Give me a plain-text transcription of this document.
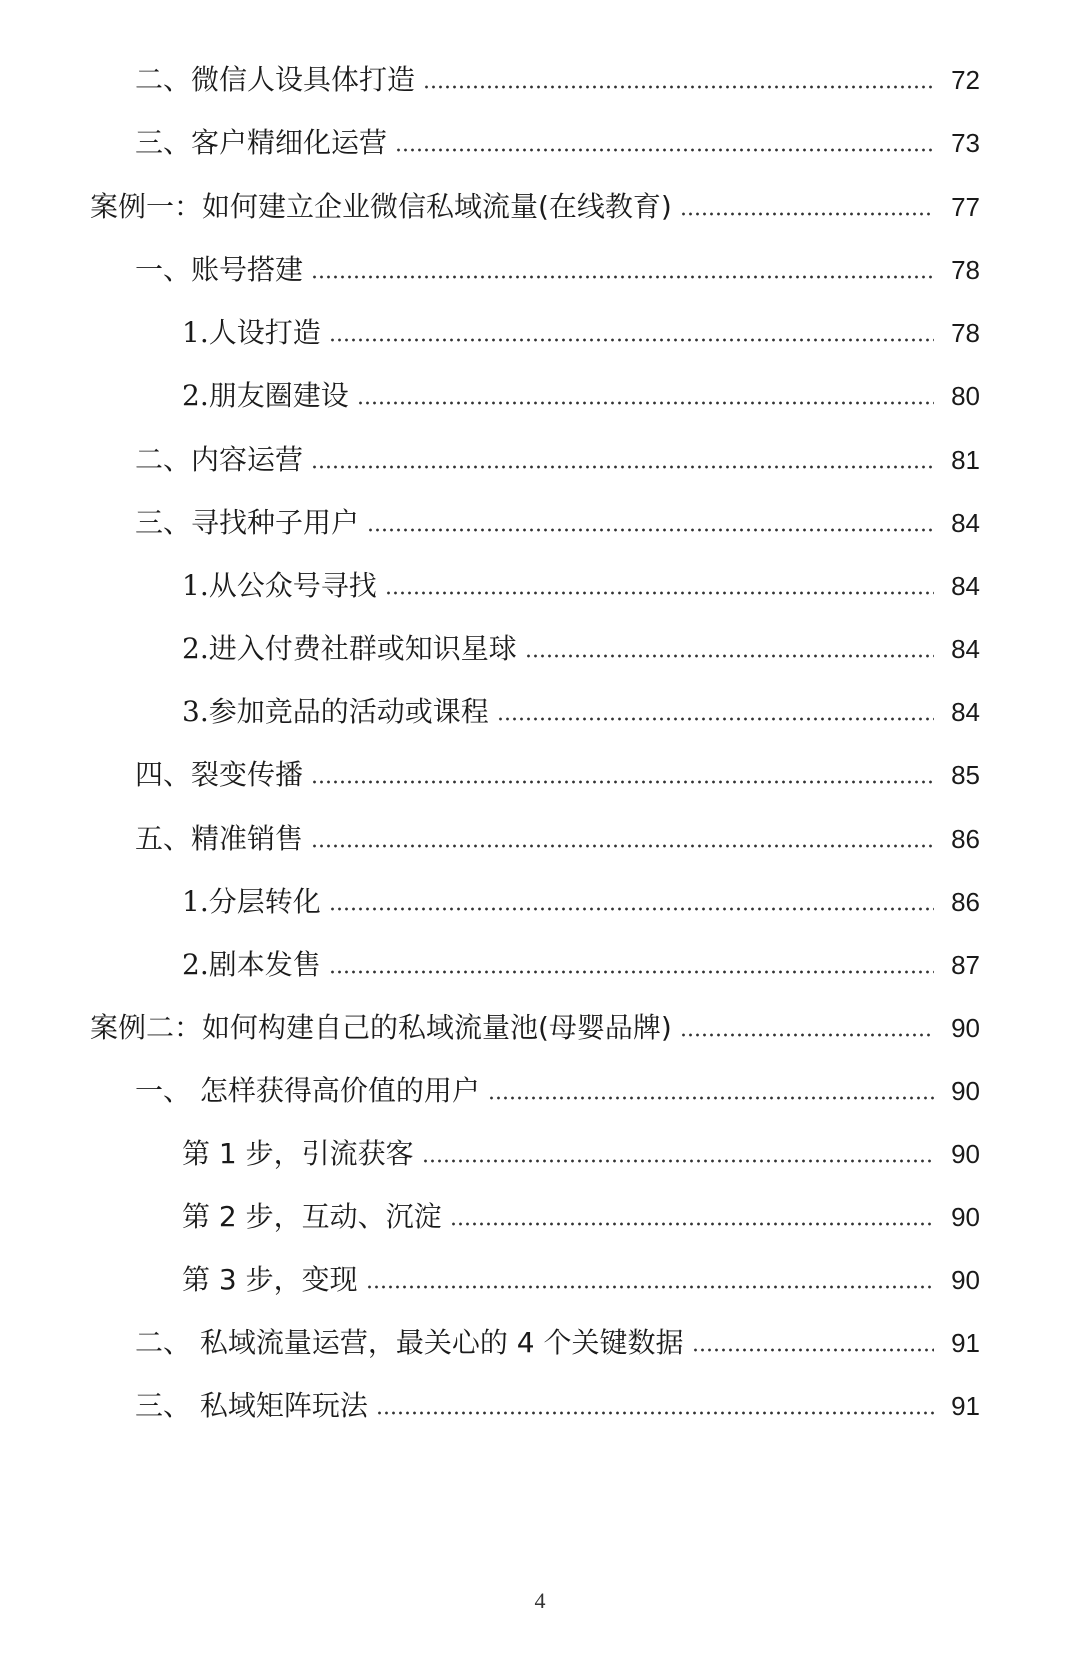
二、微信人设具体打造	72
三、客户精细化运营	73
案例一：如何建立企业微信私域流量(在线教育)	77
一、账号搭建	78
1.人设打造	78
2.朋友圈建设	80
二、内容运营	81
三、寻找种子用户	84
1.从公众号寻找	84
2.进入付费社群或知识星球	84
3.参加竞品的活动或课程	84
四、裂变传播	85
五、精准销售	86
1.分层转化	86
2.剧本发售	87
案例二：如何构建自己的私域流量池(母婴品牌)	90
一、 怎样获得高价值的用户	90
第 1 步，引流获客	90
第 2 步，互动、沉淀	90
第 3 步，变现	90
二、 私域流量运营，最关心的 4 个关键数据	91
三、 私域矩阵玩法	91
4
